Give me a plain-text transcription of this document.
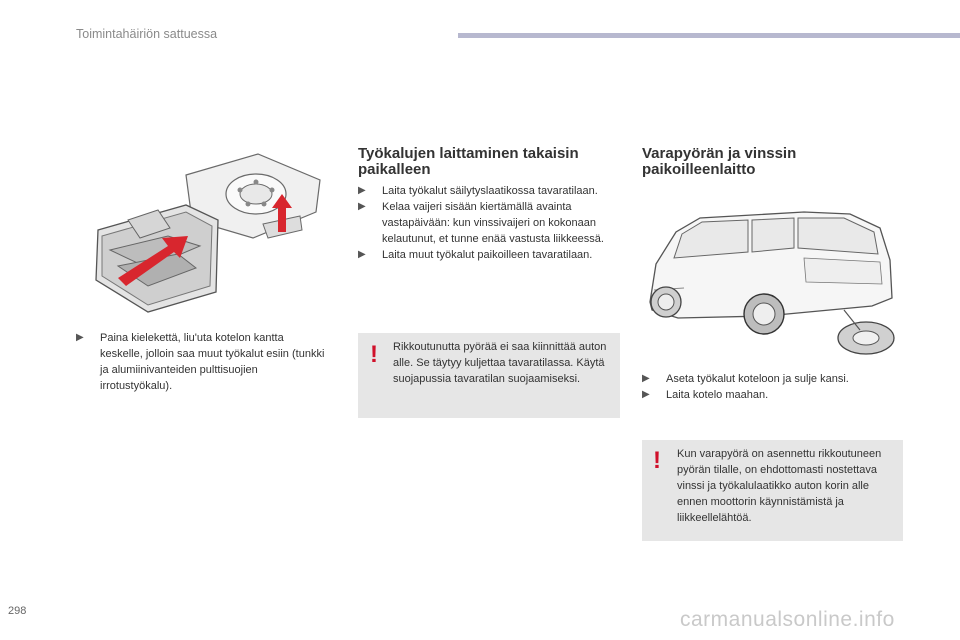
Toimintahäiriön sattuessa
▶ Paina kielekettä, liu'uta kotelon kantta keskelle, jolloin saa muut työkalut esiin (tunkki ja alumiinivanteiden pulttisuojien irrotustyökalu).
Työkalujen laittaminen takaisin paikalleen
▶ Laita työkalut säilytyslaatikossa tavaratilaan.
▶ Kelaa vaijeri sisään kiertämällä avainta vastapäivään: kun vinssivaijeri on kokonaan kelautunut, et tunne enää vastusta liikkeessä.
▶ Laita muut työkalut paikoilleen tavaratilaan.
! Rikkoutunutta pyörää ei saa kiinnittää auton alle. Se täytyy kuljettaa tavaratilassa. Käytä suojapussia tavaratilan suojaamiseksi.
Varapyörän ja vinssin paikoilleenlaitto
▶ Aseta työkalut koteloon ja sulje kansi.
▶ Laita kotelo maahan.
! Kun varapyörä on asennettu rikkoutuneen pyörän tilalle, on ehdottomasti nostettava vinssi ja työkalulaatikko auton korin alle ennen moottorin käynnistämistä ja liikkeellelähtöä.
298	carmanualsonline.info
